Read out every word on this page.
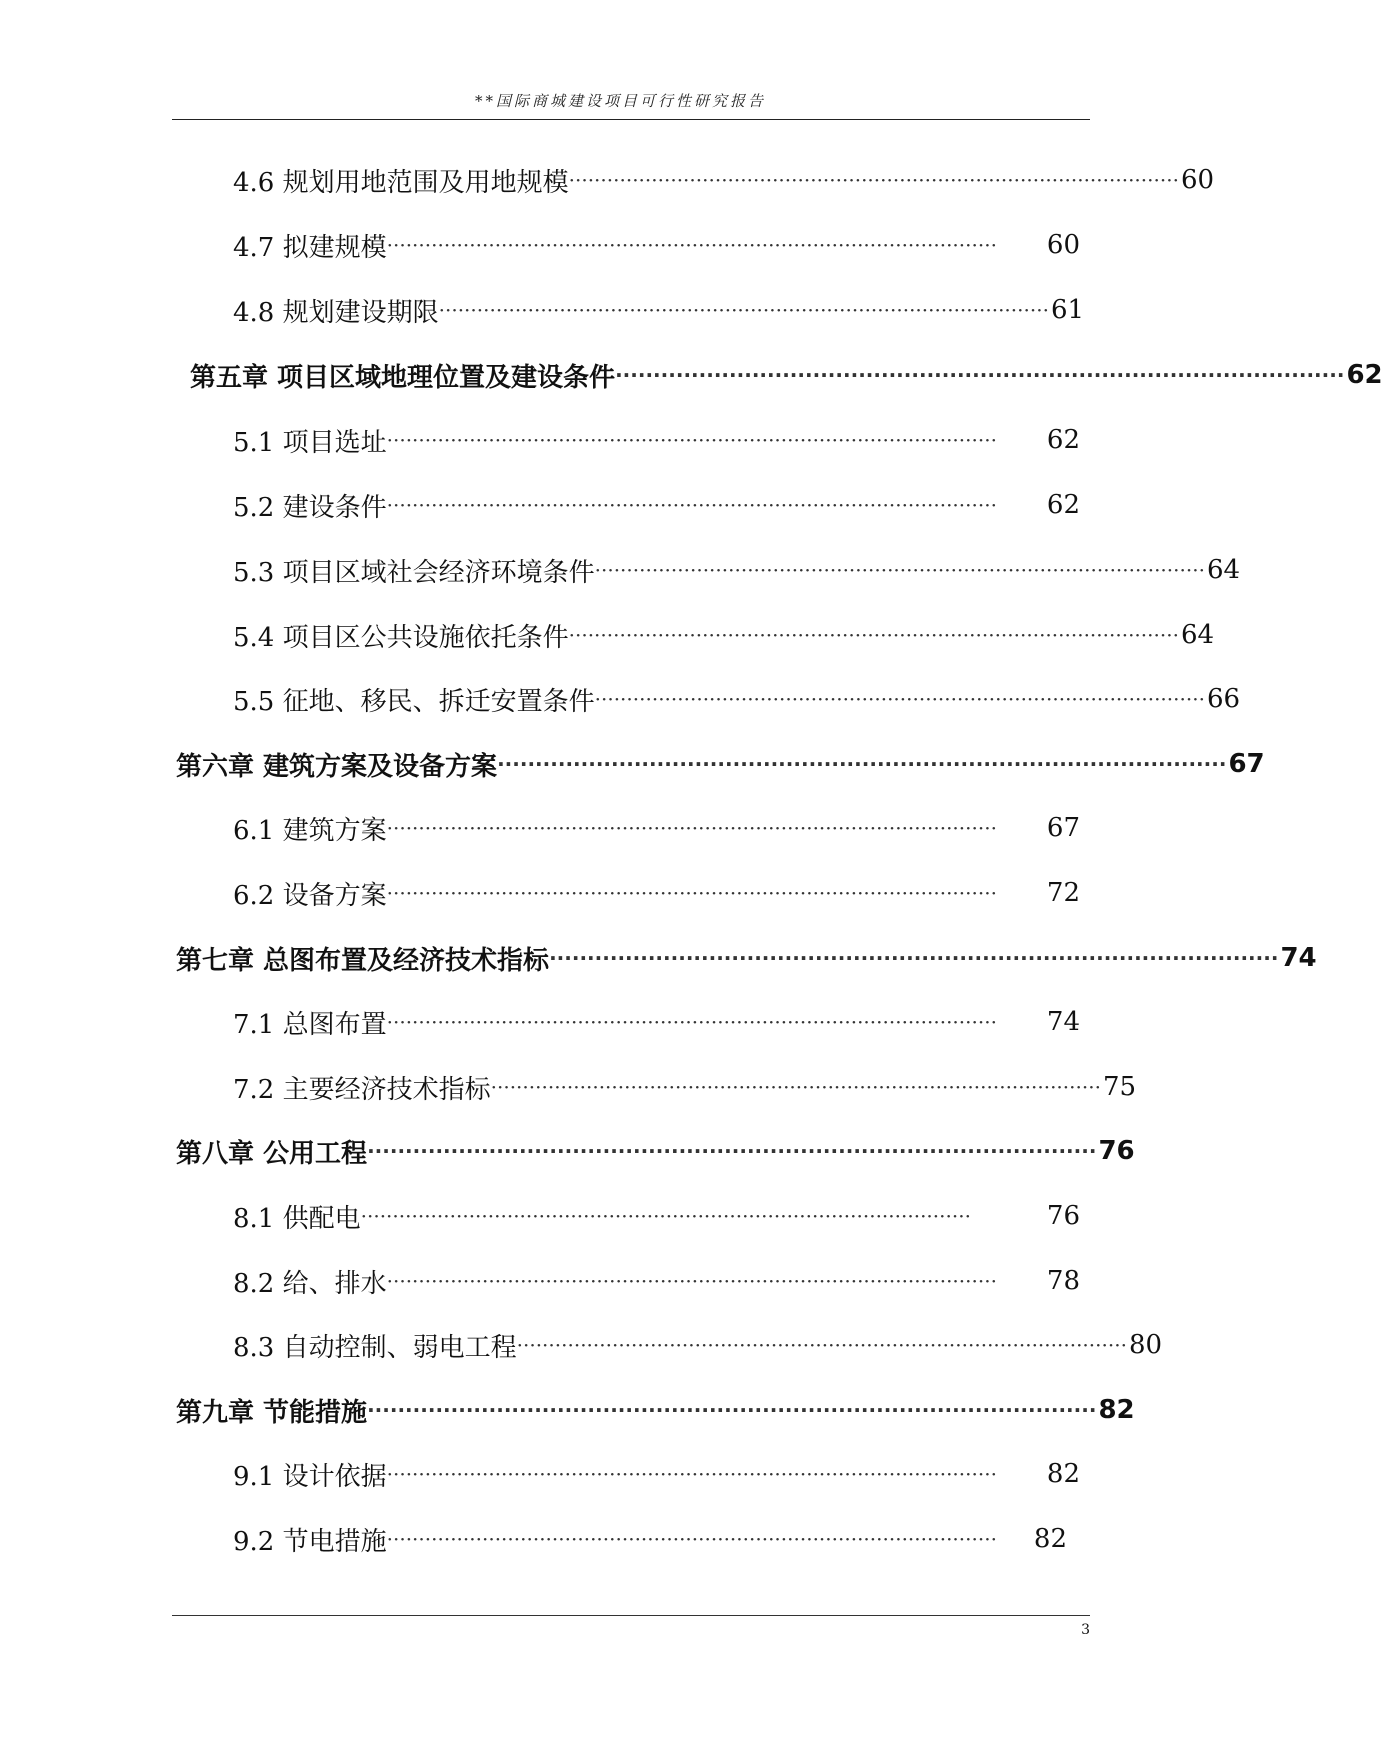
**国际商城建设项目可行性研究报告
4.6 规划用地范围及用地规模 ································································································ 60
4.7 拟建规模 ································································································	60
4.8 规划建设期限 ································································································ 61
第五章 项目区域地理位置及建设条件 ································································································ 62
5.1 项目选址 ································································································	62
5.2 建设条件 ································································································	62
5.3 项目区域社会经济环境条件 ································································································ 64
5.4 项目区公共设施依托条件 ································································································ 64
5.5 征地、移民、拆迁安置条件 ································································································ 66
第六章 建筑方案及设备方案 ································································································ 67
6.1 建筑方案 ································································································	67
6.2 设备方案 ································································································	72
第七章 总图布置及经济技术指标 ································································································ 74
7.1 总图布置 ································································································	74
7.2 主要经济技术指标 ································································································ 75
第八章 公用工程 ································································································ 76
8.1 供配电 ································································································	76
8.2 给、排水 ································································································	78
8.3 自动控制、弱电工程 ································································································ 80
第九章 节能措施 ································································································ 82
9.1 设计依据 ································································································	82
9.2 节电措施 ································································································	82
3
